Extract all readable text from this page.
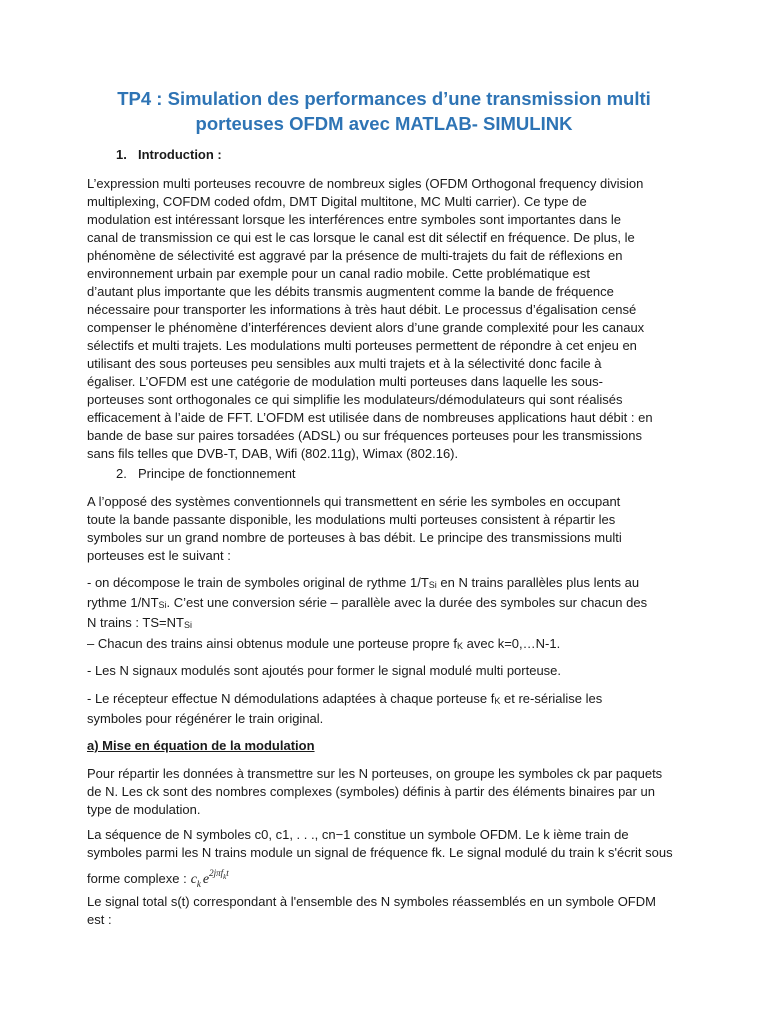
TP4 : Simulation des performances d’une transmission multi
porteuses OFDM avec MATLAB- SIMULINK
1. Introduction :
L’expression multi porteuses recouvre de nombreux sigles (OFDM Orthogonal frequency division
multiplexing, COFDM coded ofdm, DMT Digital multitone, MC Multi carrier). Ce type de
modulation est intéressant lorsque les interférences entre symboles sont importantes dans le
canal de transmission ce qui est le cas lorsque le canal est dit sélectif en fréquence. De plus, le
phénomène de sélectivité est aggravé par la présence de multi-trajets du fait de réflexions en
environnement urbain par exemple pour un canal radio mobile. Cette problématique est
d’autant plus importante que les débits transmis augmentent comme la bande de fréquence
nécessaire pour transporter les informations à très haut débit. Le processus d’égalisation censé
compenser le phénomène d’interférences devient alors d’une grande complexité pour les canaux
sélectifs et multi trajets. Les modulations multi porteuses permettent de répondre à cet enjeu en
utilisant des sous porteuses peu sensibles aux multi trajets et à la sélectivité donc facile à
égaliser. L’OFDM est une catégorie de modulation multi porteuses dans laquelle les sous-
porteuses sont orthogonales ce qui simplifie les modulateurs/démodulateurs qui sont réalisés
efficacement à l’aide de FFT. L’OFDM est utilisée dans de nombreuses applications haut débit : en
bande de base sur paires torsadées (ADSL) ou sur fréquences porteuses pour les transmissions
sans fils telles que DVB-T, DAB, Wifi (802.11g), Wimax (802.16).
2. Principe de fonctionnement
A l’opposé des systèmes conventionnels qui transmettent en série les symboles en occupant
toute la bande passante disponible, les modulations multi porteuses consistent à répartir les
symboles sur un grand nombre de porteuses à bas débit. Le principe des transmissions multi
porteuses est le suivant :
- on décompose le train de symboles original de rythme 1/TSi en N trains parallèles plus lents au
rythme 1/NTSi. C’est une conversion série – parallèle avec la durée des symboles sur chacun des
N trains : TS=NTSi
– Chacun des trains ainsi obtenus module une porteuse propre fK avec k=0,…N-1.
- Les N signaux modulés sont ajoutés pour former le signal modulé multi porteuse.
- Le récepteur effectue N démodulations adaptées à chaque porteuse fK et re-sérialise les
symboles pour régénérer le train original.
a) Mise en équation de la modulation
Pour répartir les données à transmettre sur les N porteuses, on groupe les symboles ck par paquets
de N. Les ck sont des nombres complexes (symboles) définis à partir des éléments binaires par un
type de modulation.
La séquence de N symboles c0, c1, . . ., cn−1 constitue un symbole OFDM. Le k ième train de
symboles parmi les N trains module un signal de fréquence fk. Le signal modulé du train k s'écrit sous
forme complexe : $c_k$ $e^{2j\pi f_kt}$
Le signal total s(t) correspondant à l'ensemble des N symboles réassemblés en un symbole OFDM
est :
